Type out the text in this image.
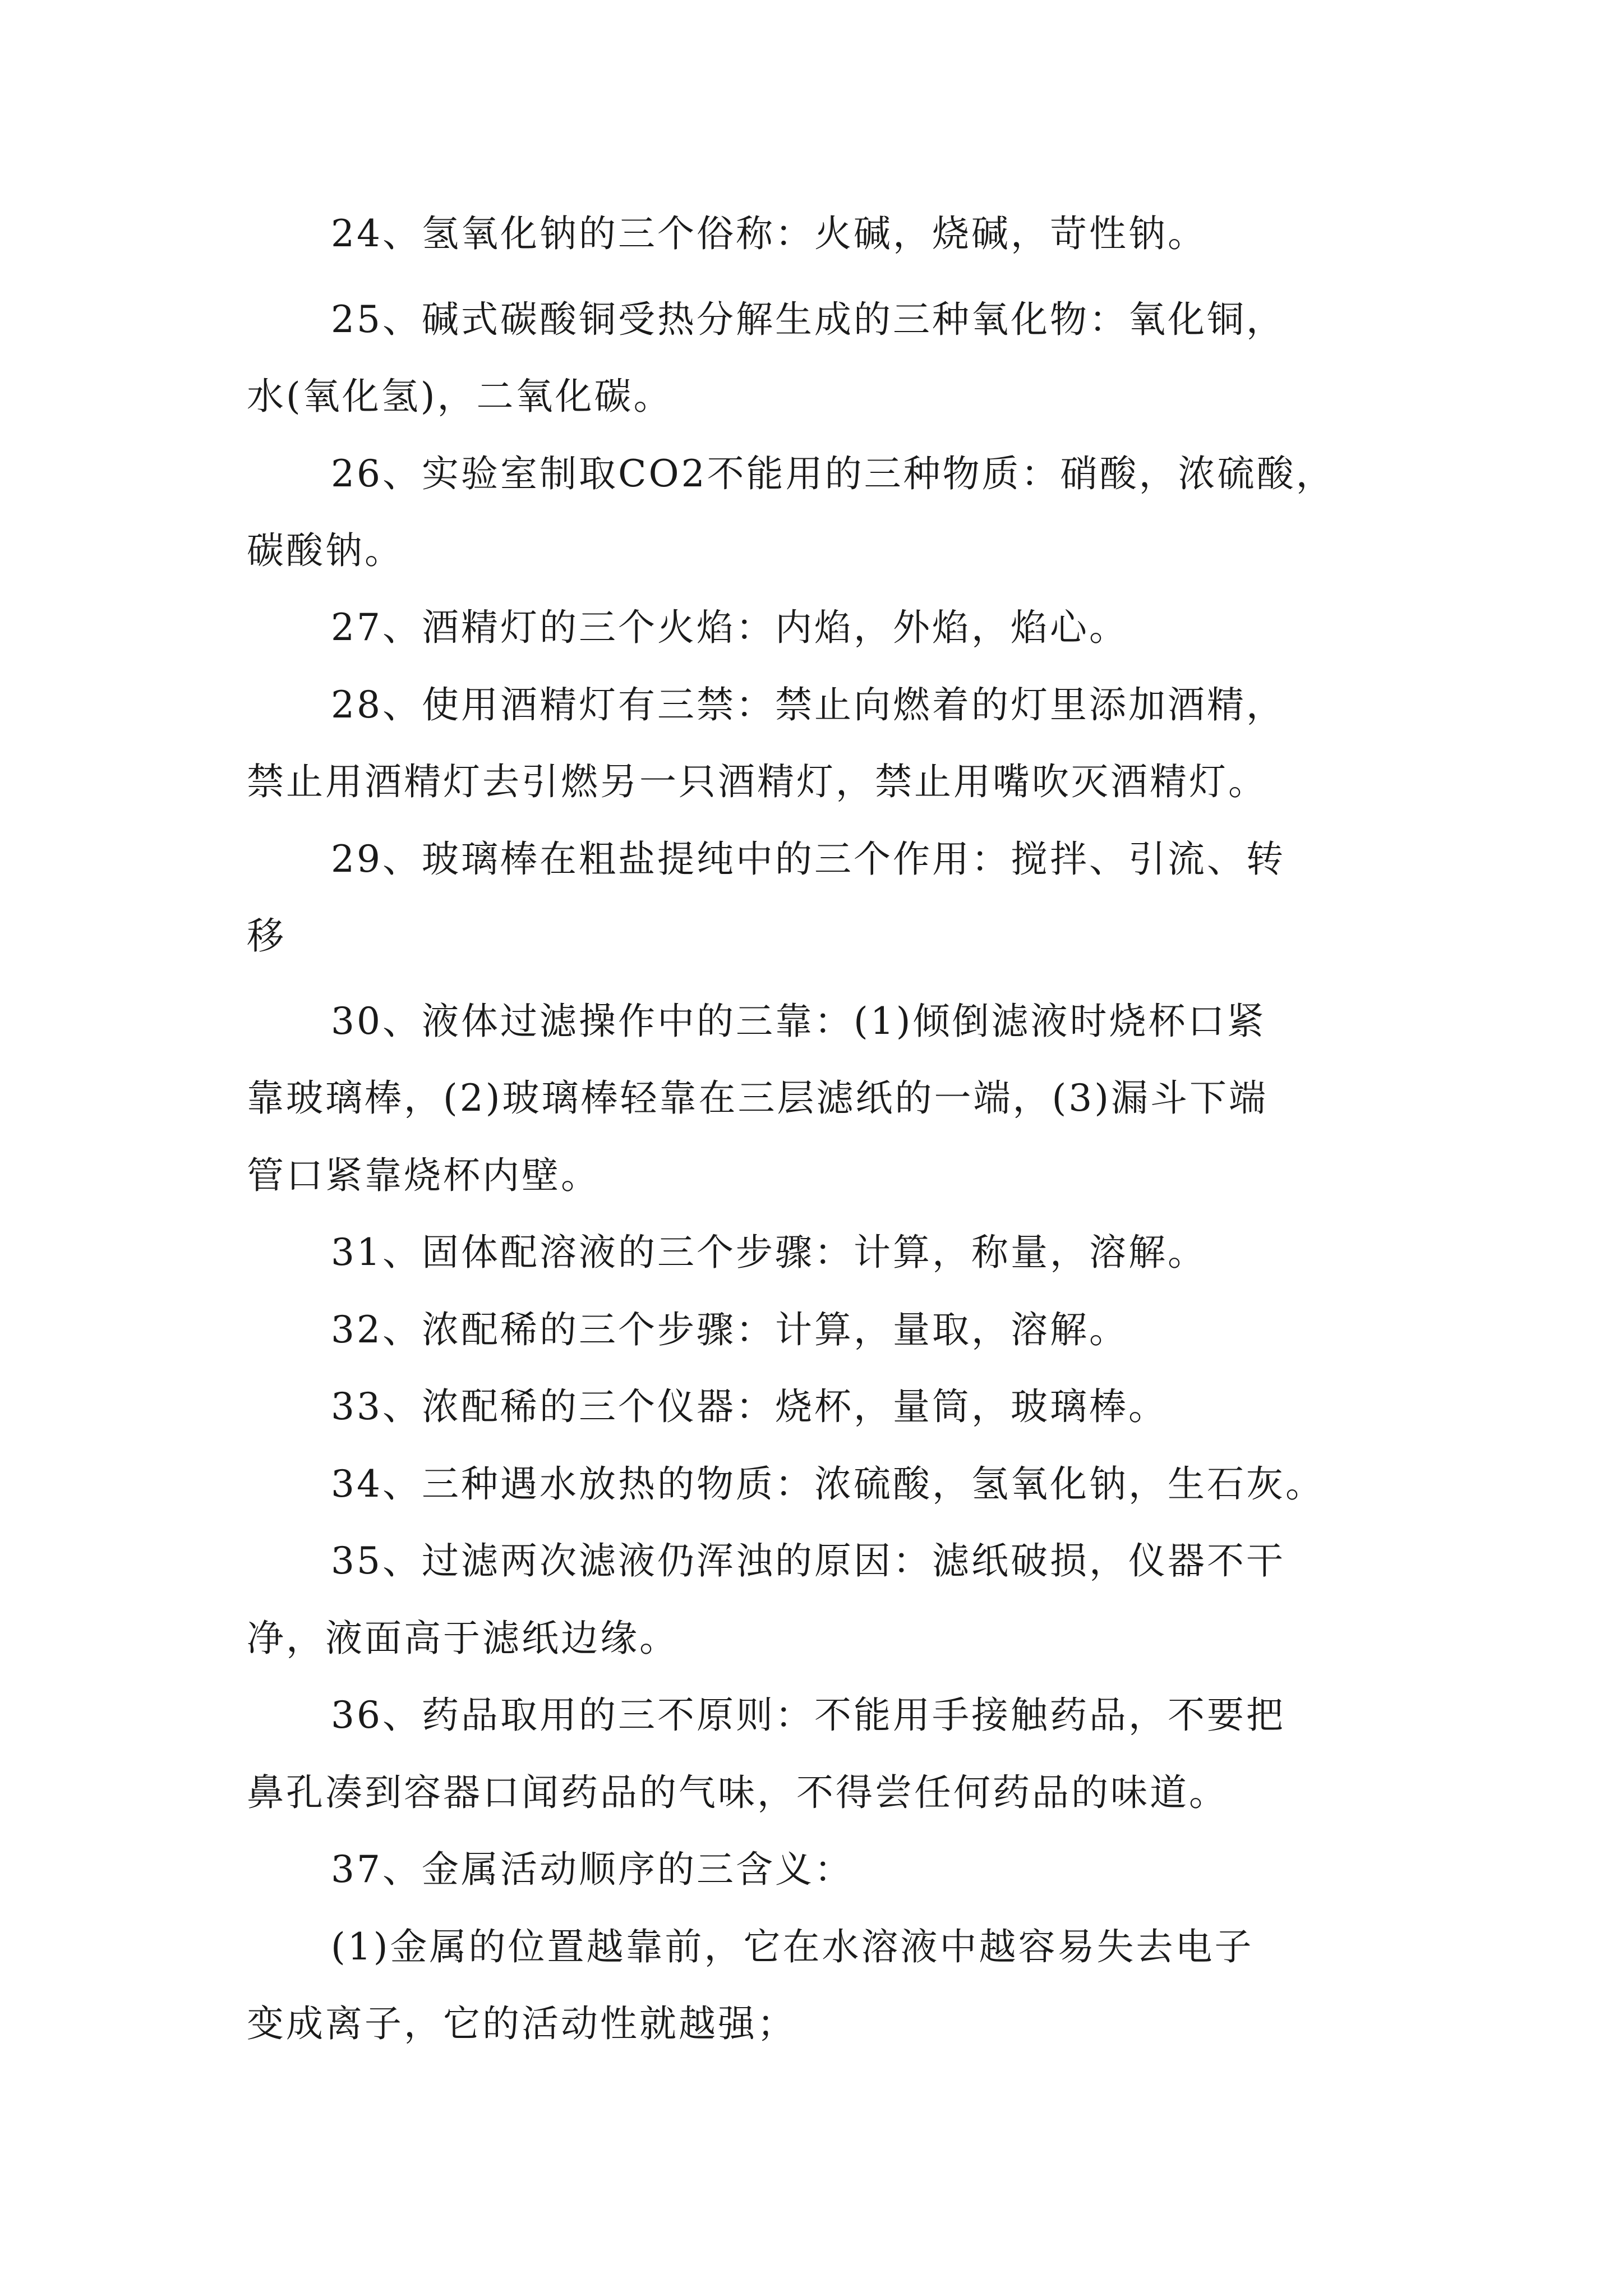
24、氢氧化钠的三个俗称：火碱，烧碱，苛性钠。
25、碱式碳酸铜受热分解生成的三种氧化物：氧化铜，
水(氧化氢)，二氧化碳。
26、实验室制取CO2不能用的三种物质：硝酸，浓硫酸，
碳酸钠。
27、酒精灯的三个火焰：内焰，外焰，焰心。
28、使用酒精灯有三禁：禁止向燃着的灯里添加酒精，
禁止用酒精灯去引燃另一只酒精灯，禁止用嘴吹灭酒精灯。
29、玻璃棒在粗盐提纯中的三个作用：搅拌、引流、转
移
30、液体过滤操作中的三靠：(1)倾倒滤液时烧杯口紧
靠玻璃棒，(2)玻璃棒轻靠在三层滤纸的一端，(3)漏斗下端
管口紧靠烧杯内壁。
31、固体配溶液的三个步骤：计算，称量，溶解。
32、浓配稀的三个步骤：计算，量取，溶解。
33、浓配稀的三个仪器：烧杯，量筒，玻璃棒。
34、三种遇水放热的物质：浓硫酸，氢氧化钠，生石灰。
35、过滤两次滤液仍浑浊的原因：滤纸破损，仪器不干
净，液面高于滤纸边缘。
36、药品取用的三不原则：不能用手接触药品，不要把
鼻孔凑到容器口闻药品的气味，不得尝任何药品的味道。
37、金属活动顺序的三含义：
(1)金属的位置越靠前，它在水溶液中越容易失去电子
变成离子，它的活动性就越强；
